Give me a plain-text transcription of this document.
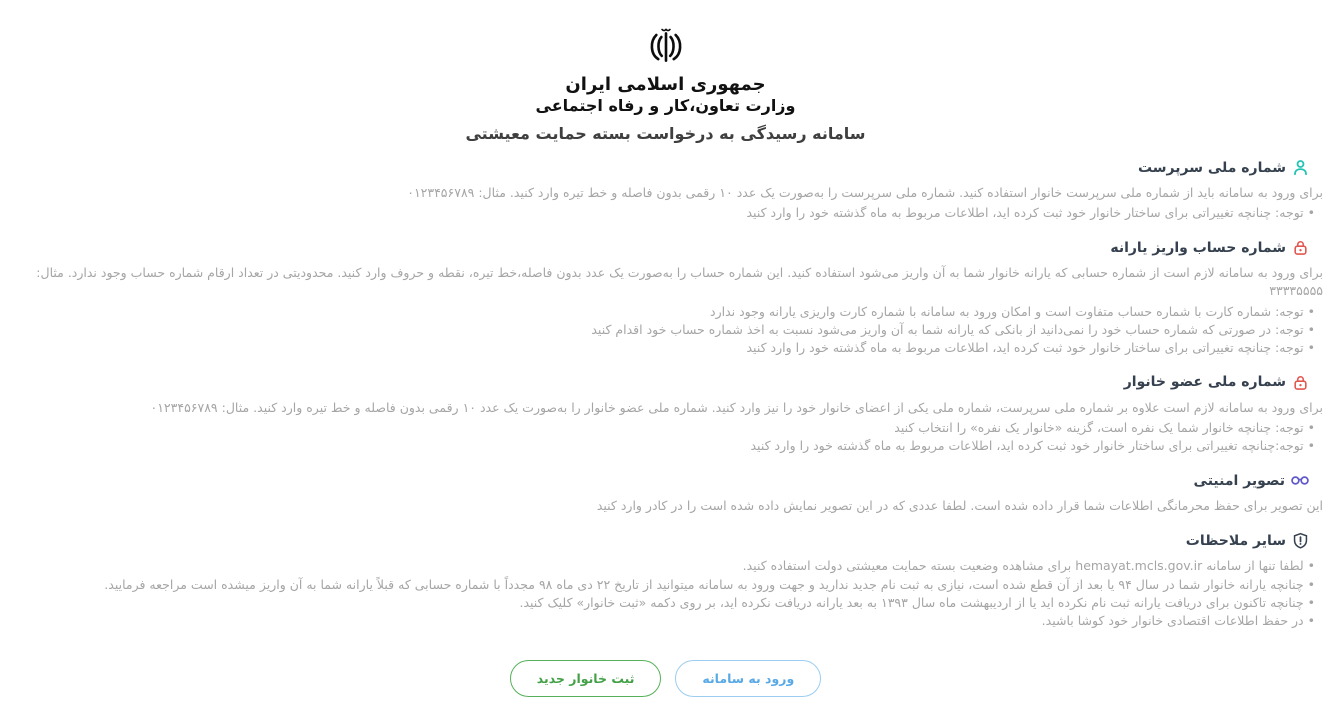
جمهوری اسلامی ایران
وزارت تعاون،کار و رفاه اجتماعی
سامانه رسیدگی به درخواست بسته حمایت معیشتی
شماره ملی سرپرست

برای ورود به سامانه باید از شماره ملی سرپرست خانوار استفاده کنید. شماره ملی سرپرست را به‌صورت یک عدد ۱۰ رقمی بدون فاصله و خط تیره وارد کنید. مثال: ۰۱۲۳۴۵۶۷۸۹

• توجه: چنانچه تغییراتی برای ساختار خانوار خود ثبت کرده اید، اطلاعات مربوط به ماه گذشته خود را وارد کنید
شماره حساب واریز یارانه

برای ورود به سامانه لازم است از شماره حسابی که یارانه خانوار شما به آن واریز می‌شود استفاده کنید. این شماره حساب را به‌صورت یک عدد بدون فاصله،خط تیره، نقطه و حروف وارد کنید. محدودیتی در تعداد ارقام شماره حساب وجود ندارد. مثال: ۳۳۳۳۵۵۵۵

• توجه: شماره کارت با شماره حساب متفاوت است و امکان ورود به سامانه با شماره کارت واریزی یارانه وجود ندارد
• توجه: در صورتی که شماره حساب خود را نمی‌دانید از بانکی که یارانه شما به آن واریز می‌شود نسبت به اخذ شماره حساب خود اقدام کنید
• توجه: چنانچه تغییراتی برای ساختار خانوار خود ثبت کرده اید، اطلاعات مربوط به ماه گذشته خود را وارد کنید
شماره ملی عضو خانوار

برای ورود به سامانه لازم است علاوه بر شماره ملی سرپرست، شماره ملی یکی از اعضای خانوار خود را نیز وارد کنید. شماره ملی عضو خانوار را به‌صورت یک عدد ۱۰ رقمی بدون فاصله و خط تیره وارد کنید. مثال: ۰۱۲۳۴۵۶۷۸۹

• توجه: چنانچه خانوار شما یک نفره است، گزینه «خانوار یک نفره» را انتخاب کنید
• توجه:چنانچه تغییراتی برای ساختار خانوار خود ثبت کرده اید، اطلاعات مربوط به ماه گذشته خود را وارد کنید
تصویر امنیتی

این تصویر برای حفظ محرمانگی اطلاعات شما قرار داده شده است. لطفا عددی که در این تصویر نمایش داده شده است را در کادر وارد کنید

سایر ملاحظات
• لطفا تنها از سامانه hemayat.mcls.gov.ir برای مشاهده وضعیت بسته حمایت معیشتی دولت استفاده کنید.
• چنانچه یارانه خانوار شما در سال ۹۴ یا بعد از آن قطع شده است، نیازی به ثبت نام جدید ندارید و جهت ورود به سامانه میتوانید از تاریخ ۲۲ دی ماه ۹۸ مجدداً با شماره حسابی که قبلاً یارانه شما به آن واریز میشده است مراجعه فرمایید.
• چنانچه تاکنون برای دریافت یارانه ثبت نام نکرده اید یا از اردیبهشت ماه سال ۱۳۹۳ به بعد یارانه دریافت نکرده اید، بر روی دکمه «ثبت خانوار» کلیک کنید.
• در حفظ اطلاعات اقتصادی خانوار خود کوشا باشید.
ورود به سامانه
ثبت خانوار جدید
